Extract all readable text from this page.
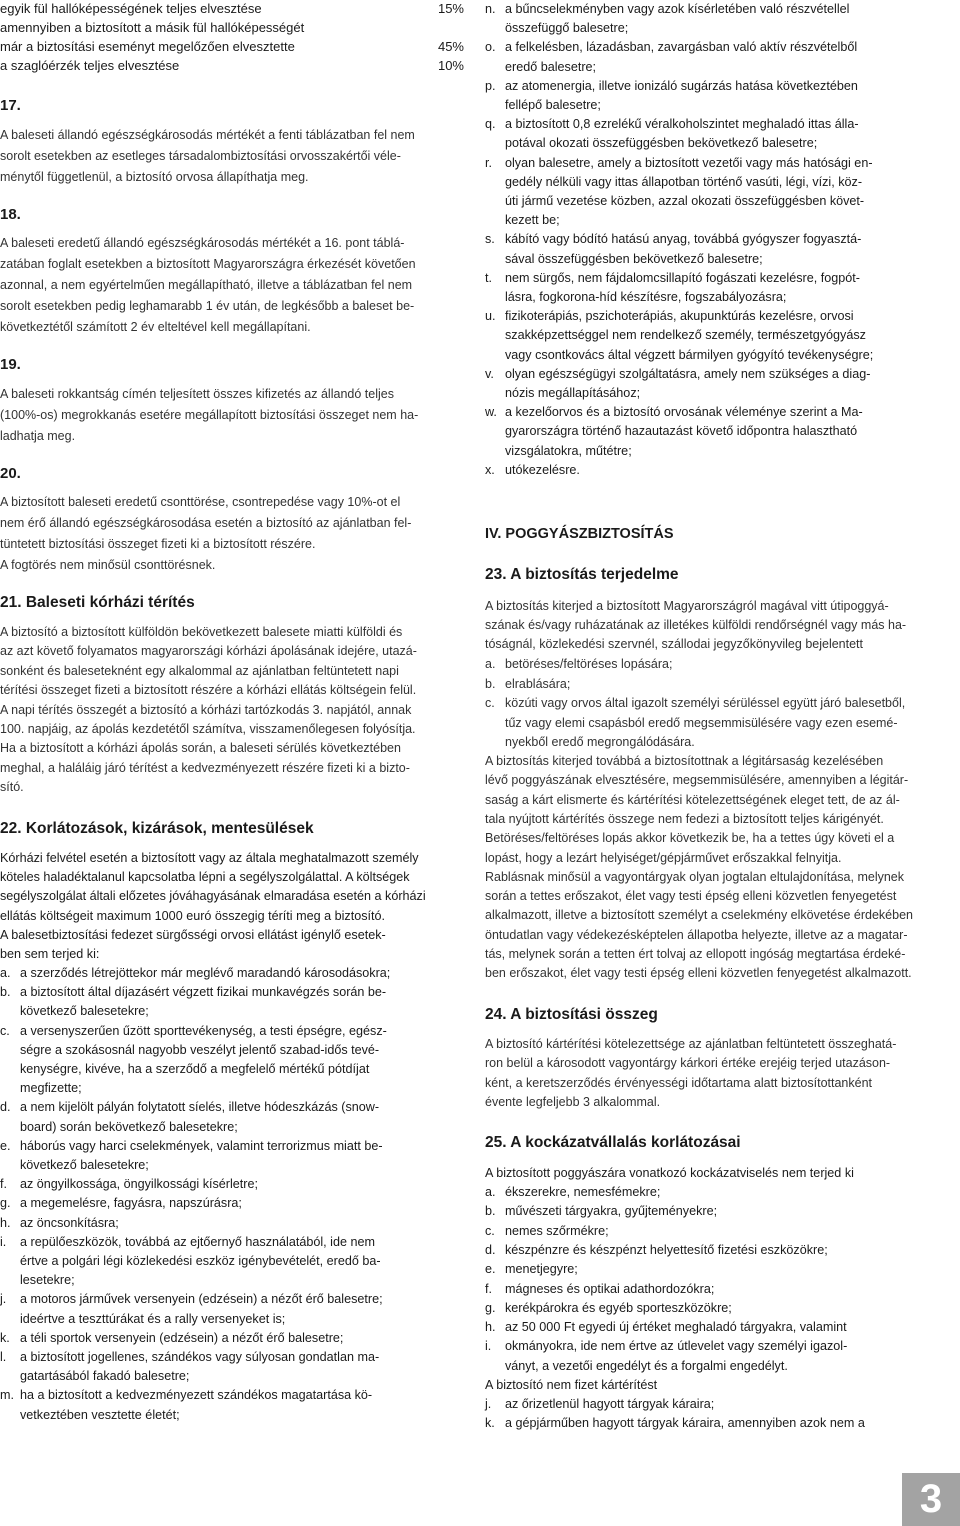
egyik fül hallóképességének teljes elvesztése	15%
amennyiben a biztosított a másik fül hallóképességét
már a biztosítási eseményt megelőzően elvesztette	45%
a szaglóérzék teljes elvesztése	10%
17.
A baleseti állandó egészségkárosodás mértékét a fenti táblázatban fel nem
sorolt esetekben az esetleges társadalombiztosítási orvosszakértői véle-
ménytől függetlenül, a biztosító orvosa állapíthatja meg.
18.
A baleseti eredetű állandó egészségkárosodás mértékét a 16. pont táblá-
zatában foglalt esetekben a biztosított Magyarországra érkezését követően
azonnal, a nem egyértelműen megállapítható, illetve a táblázatban fel nem
sorolt esetekben pedig leghamarabb 1 év után, de legkésőbb a baleset be-
következtétől számított 2 év elteltével kell megállapítani.
19.
A baleseti rokkantság címén teljesített összes kifizetés az állandó teljes
(100%-os) megrokkanás esetére megállapított biztosítási összeget nem ha-
ladhatja meg.
20.
A biztosított baleseti eredetű csonttörése, csontrepedése vagy 10%-ot el
nem érő állandó egészségkárosodása esetén a biztosító az ajánlatban fel-
tüntetett biztosítási összeget fizeti ki a biztosított részére.
A fogtörés nem minősül csonttörésnek.
21. Baleseti kórházi térítés
A biztosító a biztosított külföldön bekövetkezett balesete miatti külföldi és
az azt követő folyamatos magyarországi kórházi ápolásának idejére, utazá-
sonként és baleseteknént egy alkalommal az ajánlatban feltüntetett napi
térítési összeget fizeti a biztosított részére a kórházi ellátás költségein felül.
A napi térítés összegét a biztosító a kórházi tartózkodás 3. napjától, annak
100. napjáig, az ápolás kezdetétől számítva, visszamenőlegesen folyósítja.
Ha a biztosított a kórházi ápolás során, a baleseti sérülés következtében
meghal, a haláláig járó térítést a kedvezményezett részére fizeti ki a bizto-
sító.
22. Korlátozások, kizárások, mentesülések
Kórházi felvétel esetén a biztosított vagy az általa meghatalmazott személy
köteles haladéktalanul kapcsolatba lépni a segélyszolgálattal. A költségek
segélyszolgálat általi előzetes jóváhagyásának elmaradása esetén a kórházi
ellátás költségeit maximum 1000 euró összegig téríti meg a biztosító.
A balesetbiztosítási fedezet sürgősségi orvosi ellátást igénylő esetek-
ben sem terjed ki:
a. a szerződés létrejöttekor már meglévő maradandó károsodásokra;
b. a biztosított által díjazásért végzett fizikai munkavégzés során be-
következő balesetekre;
c. a versenyszerűen űzött sporttevékenység, a testi épségre, egész-
ségre a szokásosnál nagyobb veszélyt jelentő szabad-idős tevé-
kenységre, kivéve, ha a szerződő a megfelelő mértékű pótdíjat
megfizette;
d. a nem kijelölt pályán folytatott síelés, illetve hódeszkázás (snow-
board) során bekövetkező balesetekre;
e. háborús vagy harci cselekmények, valamint terrorizmus miatt be-
következő balesetekre;
f. az öngyilkossága, öngyilkossági kísérletre;
g. a megemelésre, fagyásra, napszúrásra;
h. az öncsonkításra;
i. a repülőeszközök, továbbá az ejtőernyő használatából, ide nem
értve a polgári légi közlekedési eszköz igénybevételét, eredő ba-
lesetekre;
j. a motoros járművek versenyein (edzésein) a nézőt érő balesetre;
ideértve a teszttúrákat és a rally versenyeket is;
k. a téli sportok versenyein (edzésein) a nézőt érő balesetre;
l. a biztosított jogellenes, szándékos vagy súlyosan gondatlan ma-
gatartásából fakadó balesetre;
m. ha a biztosított a kedvezményezett szándékos magatartása kö-
vetkeztében vesztette életét;
n. a bűncselekményben vagy azok kísérletében való részvétellel
összefüggő balesetre;
o. a felkelésben, lázadásban, zavargásban való aktív részvételből
eredő balesetre;
p. az atomenergia, illetve ionizáló sugárzás hatása következtében
fellépő balesetre;
q. a biztosított 0,8 ezrelékű véralkoholszintet meghaladó ittas álla-
potával okozati összefüggésben bekövetkező balesetre;
r. olyan balesetre, amely a biztosított vezetői vagy más hatósági en-
gedély nélküli vagy ittas állapotban történő vasúti, légi, vízi, köz-
úti jármű vezetése közben, azzal okozati összefüggésben követ-
kezett be;
s. kábító vagy bódító hatású anyag, továbbá gyógyszer fogyasztá-
sával összefüggésben bekövetkező balesetre;
t. nem sürgős, nem fájdalomcsillapító fogászati kezelésre, fogpót-
lásra, fogkorona-híd készítésre, fogszabályozásra;
u. fizikoterápiás, pszichoterápiás, akupunktúrás kezelésre, orvosi
szakképzettséggel nem rendelkező személy, természetgyógyász
vagy csontkovács által végzett bármilyen gyógyító tevékenységre;
v. olyan egészségügyi szolgáltatásra, amely nem szükséges a diag-
nózis megállapításához;
w. a kezelőorvos és a biztosító orvosának véleménye szerint a Ma-
gyarországra történő hazautazást követő időpontra halasztható
vizsgálatokra, műtétre;
x. utókezelésre.
IV. POGGYÁSZBIZTOSÍTÁS
23. A biztosítás terjedelme
A biztosítás kiterjed a biztosított Magyarországról magával vitt útipoggyá-
szának és/vagy ruházatának az illetékes külföldi rendőrségnél vagy más ha-
tóságnál, közlekedési szervnél, szállodai jegyzőkönyvileg bejelentett
a. betöréses/feltöréses lopására;
b. elrablására;
c. közúti vagy orvos által igazolt személyi sérüléssel együtt járó balesetből,
tűz vagy elemi csapásból eredő megsemmisülésére vagy ezen esemé-
nyekből eredő megrongálódására.
A biztosítás kiterjed továbbá a biztosítottnak a légitársaság kezelésében
lévő poggyászának elvesztésére, megsemmisülésére, amennyiben a légitár-
saság a kárt elismerte és kártérítési kötelezettségének eleget tett, de az ál-
tala nyújtott kártérítés összege nem fedezi a biztosított teljes kárigényét.
Betöréses/feltöréses lopás akkor következik be, ha a tettes úgy követi el a
lopást, hogy a lezárt helyiséget/gépjárművet erőszakkal felnyitja.
Rablásnak minősül a vagyontárgyak olyan jogtalan eltulajdonítása, melynek
során a tettes erőszakot, élet vagy testi épség elleni közvetlen fenyegetést
alkalmazott, illetve a biztosított személyt a cselekmény elkövetése érdekében
öntudatlan vagy védekezésképtelen állapotba helyezte, illetve az a magatar-
tás, melynek során a tetten ért tolvaj az ellopott ingóság megtartása érdeké-
ben erőszakot, élet vagy testi épség elleni közvetlen fenyegetést alkalmazott.
24. A biztosítási összeg
A biztosító kártérítési kötelezettsége az ajánlatban feltüntetett összeghatá-
ron belül a károsodott vagyontárgy kárkori értéke erejéig terjed utazáson-
ként, a keretszerződés érvényességi időtartama alatt biztosítottanként
évente legfeljebb 3 alkalommal.
25. A kockázatvállalás korlátozásai
A biztosított poggyászára vonatkozó kockázatviselés nem terjed ki
a. ékszerekre, nemesfémekre;
b. művészeti tárgyakra, gyűjteményekre;
c. nemes szőrmékre;
d. készpénzre és készpénzt helyettesítő fizetési eszközökre;
e. menetjegyre;
f. mágneses és optikai adathordozókra;
g. kerékpárokra és egyéb sporteszközökre;
h. az 50 000 Ft egyedi új értéket meghaladó tárgyakra, valamint
i. okmányokra, ide nem értve az útlevelet vagy személyi igazol-
ványt, a vezetői engedélyt és a forgalmi engedélyt.
A biztosító nem fizet kártérítést
j. az őrizetlenül hagyott tárgyak káraira;
k. a gépjárműben hagyott tárgyak káraira, amennyiben azok nem a
3
